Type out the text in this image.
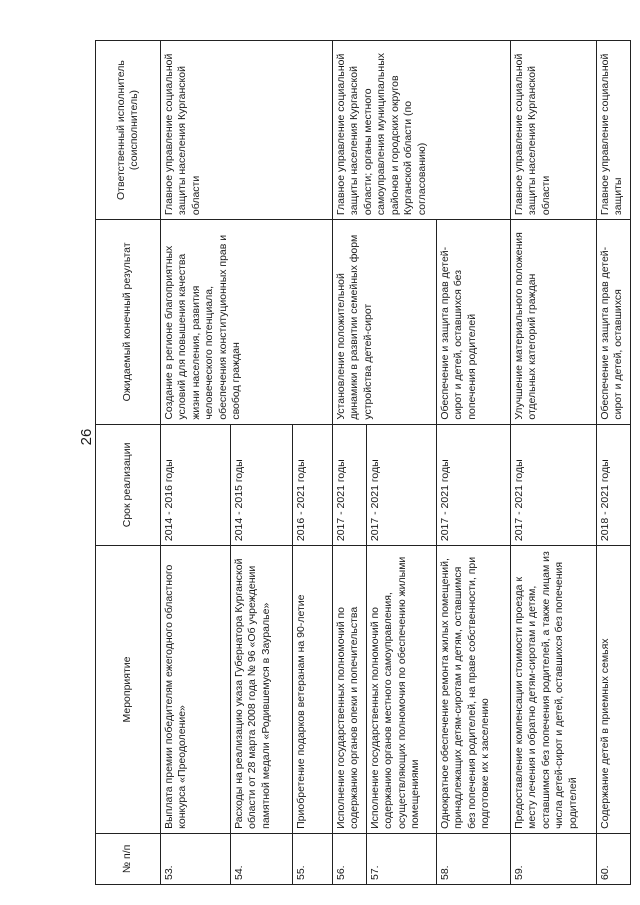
26
№ п/п	Мероприятие	Срок реализации	Ожидаемый конечный результат	Ответственный исполнитель (соисполнитель)
53.	Выплата премии победителям ежегодного областного конкурса «Преодоление»	2014 - 2016 годы	Создание в регионе благоприятных условий для повышения качества жизни населения, развития человеческого потенциала, обеспечения конституционных прав и свобод граждан	Главное управление социальной защиты населения Курганской области
54.	Расходы на реализацию указа Губернатора Курганской области от 28 марта 2008 года № 96 «Об учреждении памятной медали «Родившемуся в Зауралье»	2014 - 2015 годы		
55.	Приобретение подарков ветеранам на 90-летие	2016 - 2021 годы		
56.	Исполнение государственных полномочий по содержанию органов опеки и попечительства	2017 - 2021 годы	Установление положительной динамики в развитии семейных форм устройства детей-сирот	Главное управление социальной защиты населения Курганской области; органы местного самоуправления муниципальных районов и городских округов Курганской области (по согласованию)
57.	Исполнение государственных полномочий по содержанию органов местного самоуправления, осуществляющих полномочия по обеспечению жилыми помещениями	2017 - 2021 годы		
58.	Однократное обеспечение ремонта жилых помещений, принадлежащих детям-сиротам и детям, оставшимся без попечения родителей, на праве собственности, при подготовке их к заселению	2017 - 2021 годы	Обеспечение и защита прав детей-сирот и детей, оставшихся без попечения родителей	
59.	Предоставление компенсации стоимости проезда к месту лечения и обратно детям-сиротам и детям, оставшимся без попечения родителей, а также лицам из числа детей-сирот и детей, оставшихся без попечения родителей	2017 - 2021 годы	Улучшение материального положения отдельных категорий граждан	Главное управление социальной защиты населения Курганской области
60.	Содержание детей в приемных семьях	2018 - 2021 годы	Обеспечение и защита прав детей-сирот и детей, оставшихся	Главное управление социальной защиты
